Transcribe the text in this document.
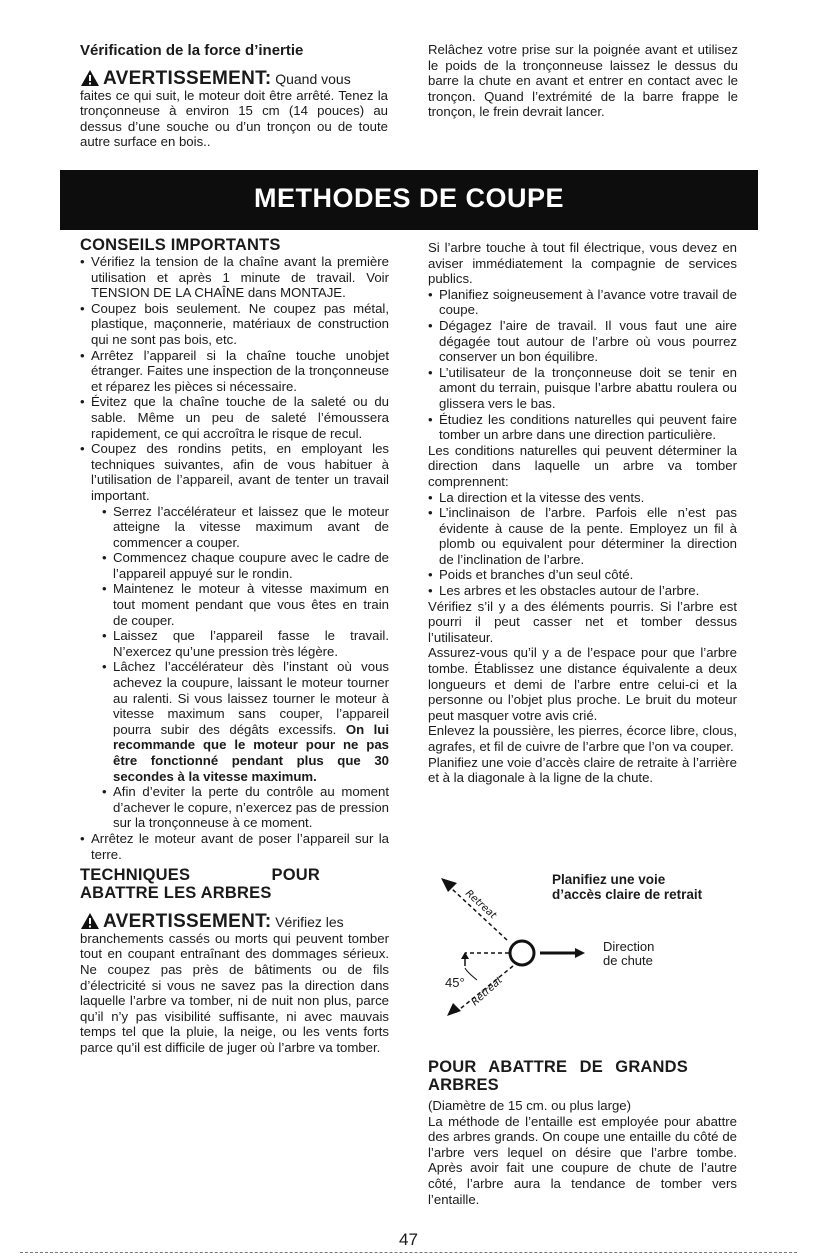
Vérification de la force d’inertie

AVERTISSEMENT: Quand vous

faites ce qui suit, le moteur doit être arrêté. Tenez la tronçonneuse à environ 15 cm (14 pouces) au dessus d’une souche ou d’un tronçon ou de toute autre surface en bois..

Relâchez votre prise sur la poignée avant et utilisez le poids de la tronçonneuse laissez le dessus du barre la chute en avant et entrer en contact avec le tronçon. Quand l’extrémité de la barre frappe le tronçon, le frein devrait lancer.

METHODES DE COUPE

CONSEILS IMPORTANTS

• Vérifiez la tension de la chaîne avant la première utilisation et après 1 minute de travail. Voir TENSION DE LA CHAÎNE dans MONTAJE.
• Coupez bois seulement. Ne coupez pas métal, plastique, maçonnerie, matériaux de construction qui ne sont pas bois, etc.
• Arrêtez l’appareil si la chaîne touche unobjet étranger. Faites une inspection de la tronçonneuse et réparez les pièces si nécessaire.
• Évitez que la chaîne touche de la saleté ou du sable. Même un peu de saleté l’émoussera rapidement, ce qui accroîtra le risque de recul.
• Coupez des rondins petits, en employant les techniques suivantes, afin de vous habituer à l’utilisation de l’appareil, avant de tenter un travail important.
• Serrez l’accélérateur et laissez que le moteur atteigne la vitesse maximum avant de commencer a couper.
• Commencez chaque coupure avec le cadre de l’appareil appuyé sur le rondin.
• Maintenez le moteur à vitesse maximum en tout moment pendant que vous êtes en train de couper.
• Laissez que l’appareil fasse le travail. N’exercez qu’une pression très légère.
• Lâchez l’accélérateur dès l’instant où vous achevez la coupure, laissant le moteur tourner au ralenti. Si vous laissez tourner le moteur à vitesse maximum sans couper, l’appareil pourra subir des dégâts excessifs. On lui recommande que le moteur pour ne pas être fonctionné pendant plus que 30 secondes à la vitesse maximum.
• Afin d’eviter la perte du contrôle au moment d’achever le copure, n’exercez pas de pression sur la tronçonneuse à ce moment.
• Arrêtez le moteur avant de poser l’appareil sur la terre.

TECHNIQUES POUR ABATTRE LES ARBRES

AVERTISSEMENT: Vérifiez les

branchements cassés ou morts qui peuvent tomber tout en coupant entraînant des dommages sérieux. Ne coupez pas près de bâtiments ou de fils d’électricité si vous ne savez pas la direction dans laquelle l’arbre va tomber, ni de nuit non plus, parce qu’il n’y pas visibilité suffisante, ni avec mauvais temps tel que la pluie, la neige, ou les vents forts parce qu’il est difficile de juger où l’arbre va tomber.

Si l’arbre touche à tout fil électrique, vous devez en aviser immédiatement la compagnie de services publics.

• Planifiez soigneusement à l’avance votre travail de coupe.
• Dégagez l’aire de travail. Il vous faut une aire dégagée tout autour de l’arbre où vous pourrez conserver un bon équilibre.
• L’utilisateur de la tronçonneuse doit se tenir en amont du terrain, puisque l’arbre abattu roulera ou glissera vers le bas.
• Étudiez les conditions naturelles qui peuvent faire tomber un arbre dans une direction particulière.

Les conditions naturelles qui peuvent déterminer la direction dans laquelle un arbre va tomber comprennent:

• La direction et la vitesse des vents.
• L’inclinaison de l’arbre. Parfois elle n’est pas évidente à cause de la pente. Employez un fil à plomb ou equivalent pour déterminer la direction de l’inclination de l’arbre.
• Poids et branches d’un seul côté.
• Les arbres et les obstacles autour de l’arbre.

Vérifiez s’il y a des éléments pourris. Si l’arbre est pourri il peut casser net et tomber dessus l’utilisateur.

Assurez-vous qu’il y a de l’espace pour que l’arbre tombe. Établissez une distance équivalente a deux longueurs et demi de l’arbre entre celui-ci et la personne ou l’objet plus proche. Le bruit du moteur peut masquer votre avis crié.

Enlevez la poussière, les pierres, écorce libre, clous, agrafes, et fil de cuivre de l’arbre que l’on va couper.

Planifiez une voie d’accès claire de retraite à l’arrière et à la diagonale à la ligne de la chute.

Retreat
Retreat
Planifiez une voie
d’accès claire de retrait
Direction
de chute
45°

POUR ABATTRE DE GRANDS ARBRES

(Diamètre de 15 cm. ou plus large)

La méthode de l’entaille est employée pour abattre des arbres grands. On coupe une entaille du côté de l’arbre vers lequel on désire que l’arbre tombe. Après avoir fait une coupure de chute de l’autre côté, l’arbre aura la tendance de tomber vers l’entaille.

47
